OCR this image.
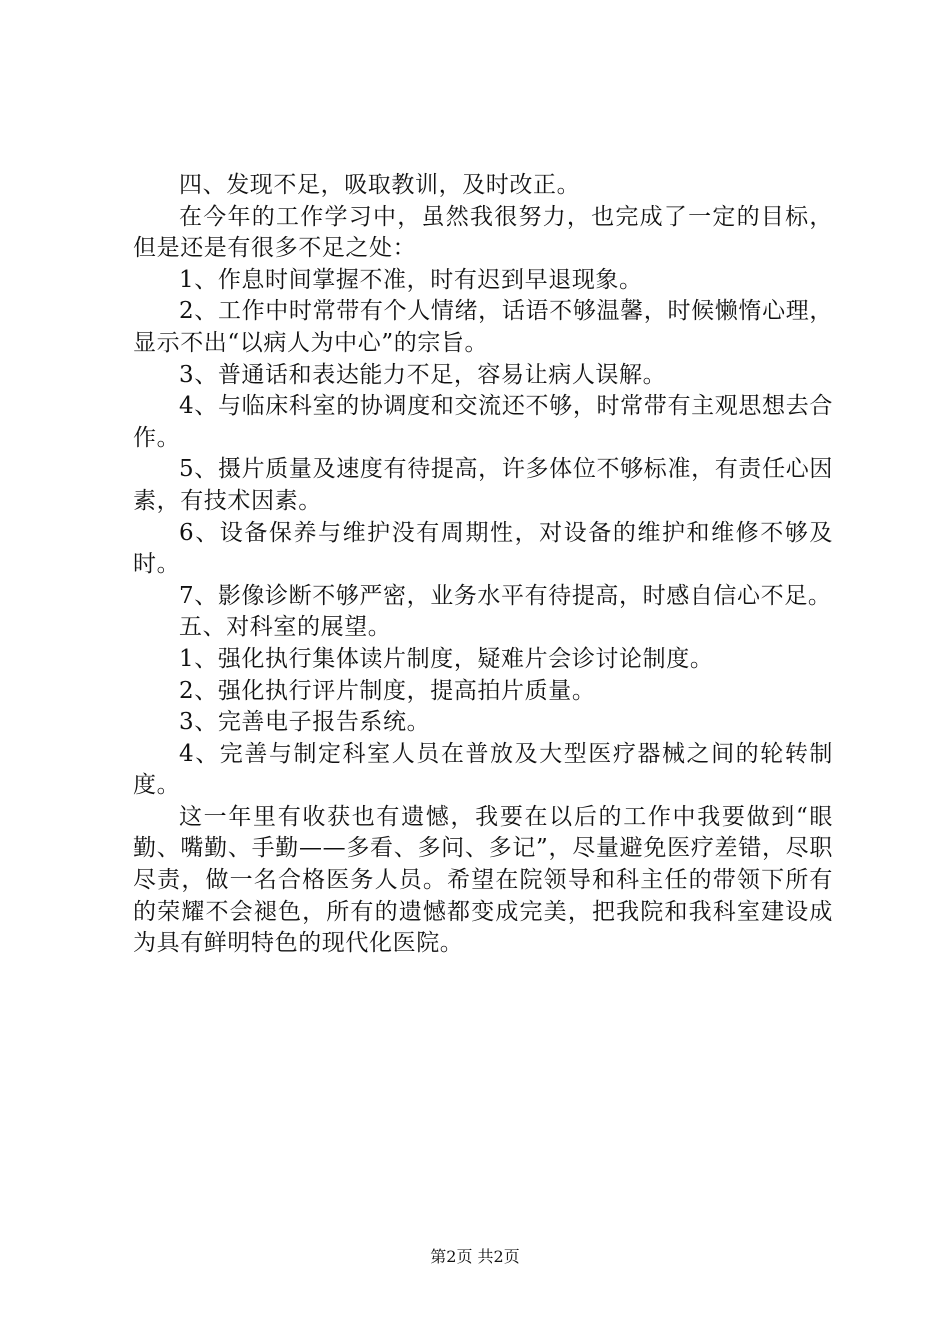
四、发现不足，吸取教训，及时改正。

在今年的工作学习中，虽然我很努力，也完成了一定的目标，但是还是有很多不足之处：

1、作息时间掌握不准，时有迟到早退现象。

2、工作中时常带有个人情绪，话语不够温馨，时候懒惰心理，显示不出“以病人为中心”的宗旨。

3、普通话和表达能力不足，容易让病人误解。

4、与临床科室的协调度和交流还不够，时常带有主观思想去合作。

5、摄片质量及速度有待提高，许多体位不够标准，有责任心因素，有技术因素。

6、设备保养与维护没有周期性，对设备的维护和维修不够及时。

7、影像诊断不够严密，业务水平有待提高，时感自信心不足。

五、对科室的展望。

1、强化执行集体读片制度，疑难片会诊讨论制度。

2、强化执行评片制度，提高拍片质量。

3、完善电子报告系统。

4、完善与制定科室人员在普放及大型医疗器械之间的轮转制度。

这一年里有收获也有遗憾，我要在以后的工作中我要做到“眼勤、嘴勤、手勤——多看、多问、多记”，尽量避免医疗差错，尽职尽责，做一名合格医务人员。希望在院领导和科主任的带领下所有的荣耀不会褪色，所有的遗憾都变成完美，把我院和我科室建设成为具有鲜明特色的现代化医院。

第2页 共2页
